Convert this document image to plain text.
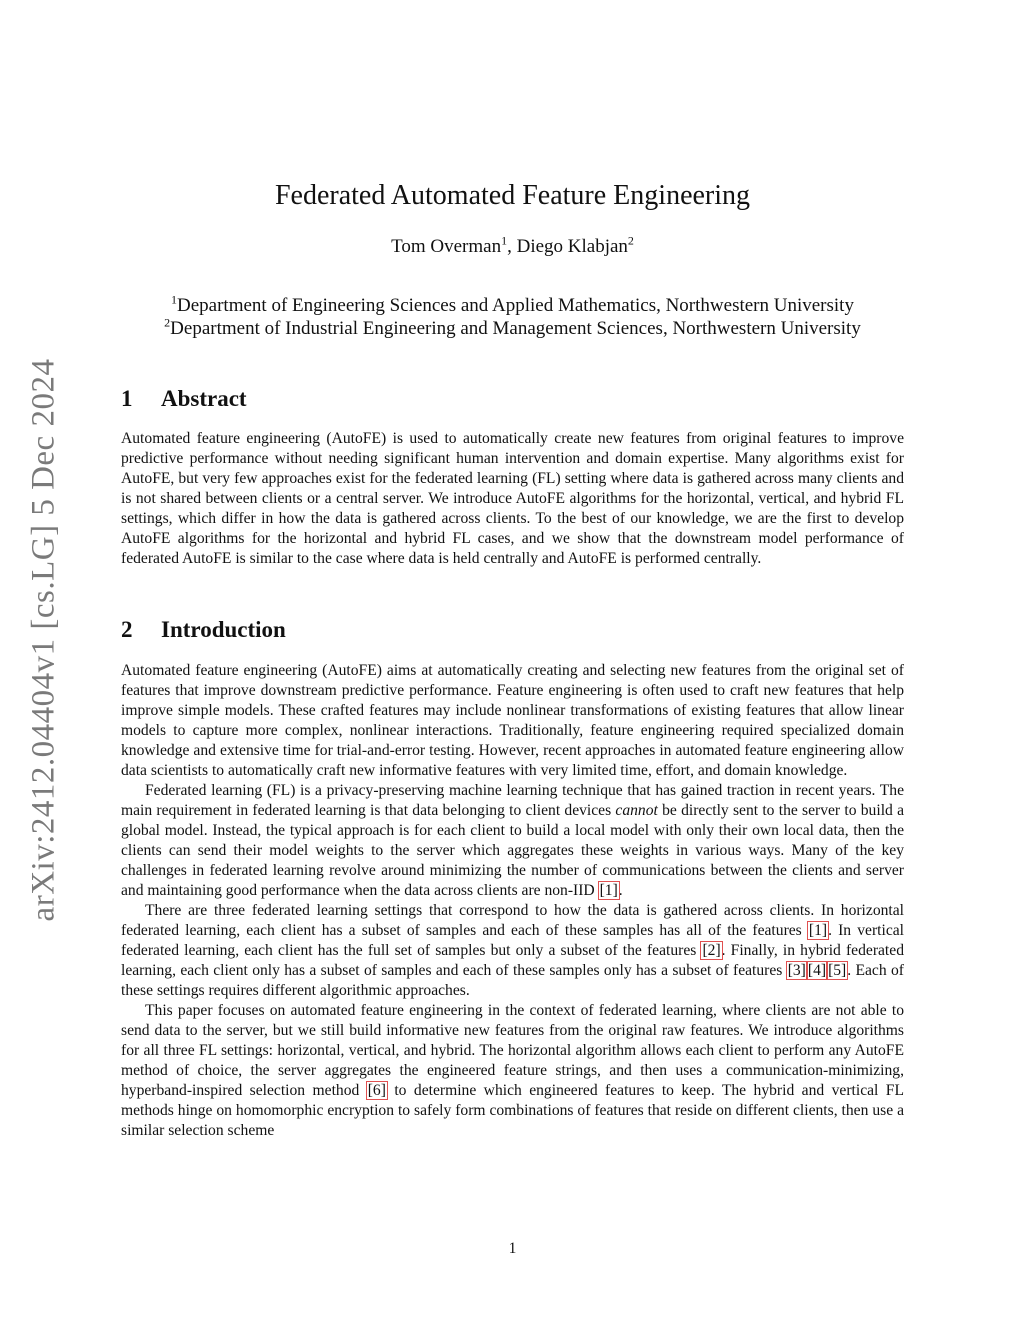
arXiv:2412.04404v1 [cs.LG] 5 Dec 2024
Federated Automated Feature Engineering
Tom Overman$^1$, Diego Klabjan$^2$
$^1$Department of Engineering Sciences and Applied Mathematics, Northwestern University
$^2$Department of Industrial Engineering and Management Sciences, Northwestern University
1 Abstract

Automated feature engineering (AutoFE) is used to automatically create new features from original features to improve predictive performance without needing significant human intervention and domain expertise. Many algorithms exist for AutoFE, but very few approaches exist for the federated learning (FL) setting where data is gathered across many clients and is not shared between clients or a central server. We introduce AutoFE algorithms for the horizontal, vertical, and hybrid FL settings, which differ in how the data is gathered across clients. To the best of our knowledge, we are the first to develop AutoFE algorithms for the horizontal and hybrid FL cases, and we show that the downstream model performance of federated AutoFE is similar to the case where data is held centrally and AutoFE is performed centrally.

2 Introduction

Automated feature engineering (AutoFE) aims at automatically creating and selecting new features from the original set of features that improve downstream predictive performance. Feature engineering is often used to craft new features that help improve simple models. These crafted features may include nonlinear transformations of existing features that allow linear models to capture more complex, nonlinear interactions. Traditionally, feature engineering required specialized domain knowledge and extensive time for trial-and-error testing. However, recent approaches in automated feature engineering allow data scientists to automatically craft new informative features with very limited time, effort, and domain knowledge.

Federated learning (FL) is a privacy-preserving machine learning technique that has gained traction in recent years. The main requirement in federated learning is that data belonging to client devices cannot be directly sent to the server to build a global model. Instead, the typical approach is for each client to build a local model with only their own local data, then the clients can send their model weights to the server which aggregates these weights in various ways. Many of the key challenges in federated learning revolve around minimizing the number of communications between the clients and server and maintaining good performance when the data across clients are non-IID [1].

There are three federated learning settings that correspond to how the data is gathered across clients. In horizontal federated learning, each client has a subset of samples and each of these samples has all of the features [1]. In vertical federated learning, each client has the full set of samples but only a subset of the features [2]. Finally, in hybrid federated learning, each client only has a subset of samples and each of these samples only has a subset of features [3] [4] [5]. Each of these settings requires different algorithmic approaches.

This paper focuses on automated feature engineering in the context of federated learning, where clients are not able to send data to the server, but we still build informative new features from the original raw features. We introduce algorithms for all three FL settings: horizontal, vertical, and hybrid. The horizontal algorithm allows each client to perform any AutoFE method of choice, the server aggregates the engineered feature strings, and then uses a communication-minimizing, hyperband-inspired selection method [6] to determine which engineered features to keep. The hybrid and vertical FL methods hinge on homomorphic encryption to safely form combinations of features that reside on different clients, then use a similar selection scheme

1
